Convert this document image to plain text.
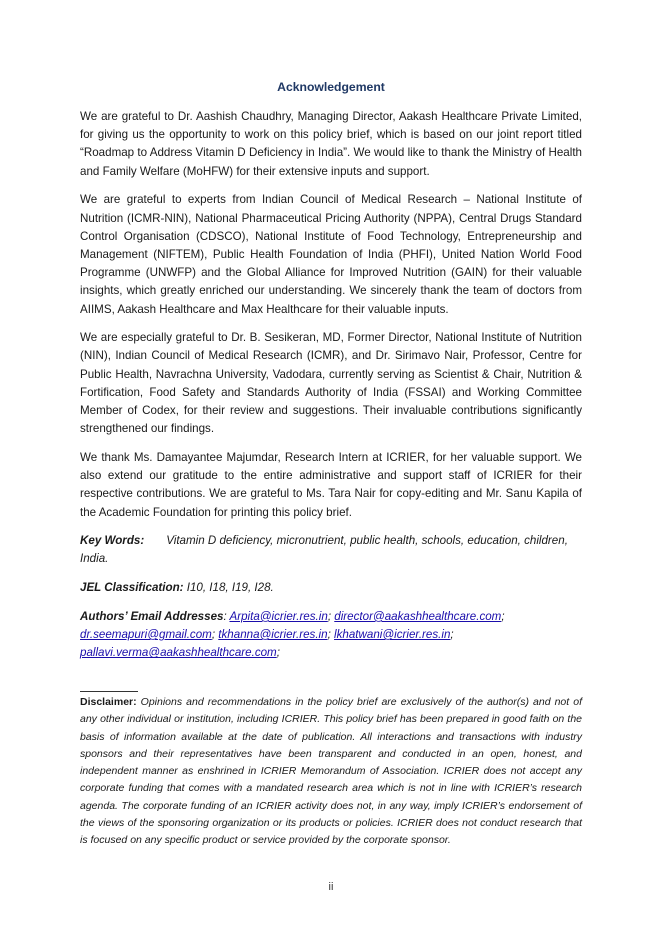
Acknowledgement

We are grateful to Dr. Aashish Chaudhry, Managing Director, Aakash Healthcare Private Limited, for giving us the opportunity to work on this policy brief, which is based on our joint report titled “Roadmap to Address Vitamin D Deficiency in India”. We would like to thank the Ministry of Health and Family Welfare (MoHFW) for their extensive inputs and support.

We are grateful to experts from Indian Council of Medical Research – National Institute of Nutrition (ICMR-NIN), National Pharmaceutical Pricing Authority (NPPA), Central Drugs Standard Control Organisation (CDSCO), National Institute of Food Technology, Entrepreneurship and Management (NIFTEM), Public Health Foundation of India (PHFI), United Nation World Food Programme (UNWFP) and the Global Alliance for Improved Nutrition (GAIN) for their valuable insights, which greatly enriched our understanding. We sincerely thank the team of doctors from AIIMS, Aakash Healthcare and Max Healthcare for their valuable inputs.

We are especially grateful to Dr. B. Sesikeran, MD, Former Director, National Institute of Nutrition (NIN), Indian Council of Medical Research (ICMR), and Dr. Sirimavo Nair, Professor, Centre for Public Health, Navrachna University, Vadodara, currently serving as Scientist & Chair, Nutrition & Fortification, Food Safety and Standards Authority of India (FSSAI) and Working Committee Member of Codex, for their review and suggestions. Their invaluable contributions significantly strengthened our findings.

We thank Ms. Damayantee Majumdar, Research Intern at ICRIER, for her valuable support. We also extend our gratitude to the entire administrative and support staff of ICRIER for their respective contributions. We are grateful to Ms. Tara Nair for copy-editing and Mr. Sanu Kapila of the Academic Foundation for printing this policy brief.

Key Words: Vitamin D deficiency, micronutrient, public health, schools, education, children, India.

JEL Classification: I10, I18, I19, I28.

Authors’ Email Addresses: Arpita@icrier.res.in; director@aakashhealthcare.com;
dr.seemapuri@gmail.com; tkhanna@icrier.res.in; lkhatwani@icrier.res.in;
pallavi.verma@aakashhealthcare.com;

Disclaimer: Opinions and recommendations in the policy brief are exclusively of the author(s) and not of any other individual or institution, including ICRIER. This policy brief has been prepared in good faith on the basis of information available at the date of publication. All interactions and transactions with industry sponsors and their representatives have been transparent and conducted in an open, honest, and independent manner as enshrined in ICRIER Memorandum of Association. ICRIER does not accept any corporate funding that comes with a mandated research area which is not in line with ICRIER’s research agenda. The corporate funding of an ICRIER activity does not, in any way, imply ICRIER’s endorsement of the views of the sponsoring organization or its products or policies. ICRIER does not conduct research that is focused on any specific product or service provided by the corporate sponsor.
ii
